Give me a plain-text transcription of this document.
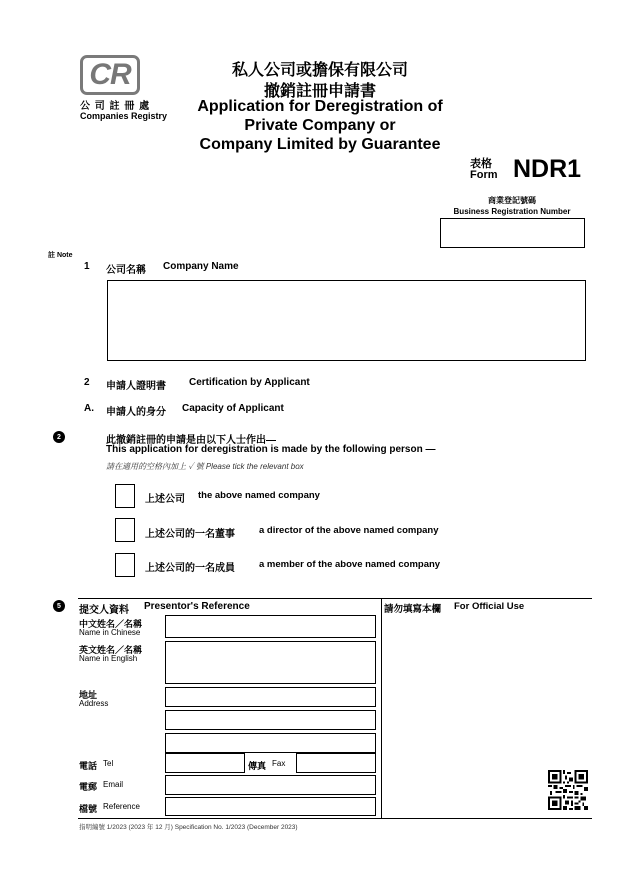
CR
公 司 註 冊 處
Companies Registry
私人公司或擔保有限公司
撤銷註冊申請書
Application for Deregistration of
Private Company or
Company Limited by Guarantee
表格
Form NDR1
商業登記號碼
Business Registration Number
註 Note
1 公司名稱 Company Name
2 申請人證明書 Certification by Applicant
A. 申請人的身分 Capacity of Applicant
2	此撤銷註冊的申請是由以下人士作出—
This application for deregistration is made by the following person —
請在適用的空格內加上 ✓ 號 Please tick the relevant box
上述公司 the above named company
上述公司的一名董事	a director of the above named company
上述公司的一名成員	a member of the above named company
5 提交人資料 Presentor's Reference
中文姓名／名稱
Name in Chinese
英文姓名／名稱
Name in English
地址
Address
電話 Tel	傳真 Fax
電郵 Email
檔號 Reference
請勿填寫本欄 For Official Use
指明編號 1/2023 (2023 年 12 月) Specification No. 1/2023 (December 2023)
